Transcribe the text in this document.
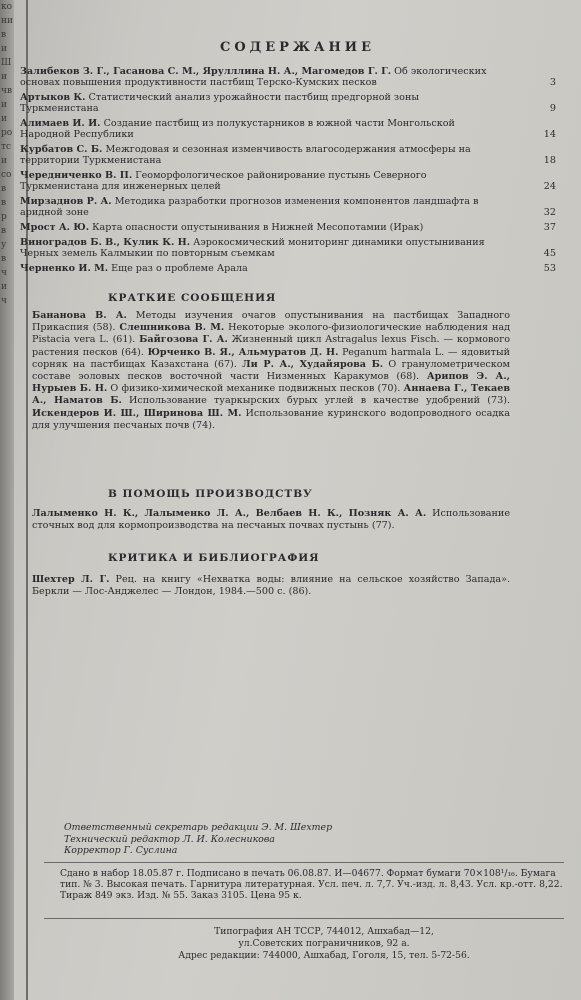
ко
ни
в
и
Ш
и
чв
и
и
ро
тс
и
со
в
в
р
в
у
в
ч
и
ч
СОДЕРЖАНИЕ
Залибеков З. Г., Гасанова С. М., Ярулллина Н. А., Магомедов Г. Г. Об экологических основах повышения продуктивности пастбищ Терско-Кумских песков	3
Артыков К. Статистический анализ урожайности пастбищ предгорной зоны Туркменистана	9
Алимаев И. И. Создание пастбищ из полукустарников в южной части Монгольской Народной Республики	14
Курбатов С. Б. Межгодовая и сезонная изменчивость влагосодержания атмосферы на территории Туркменистана	18
Чередниченко В. П. Геоморфологическое районирование пустынь Северного Туркменистана для инженерных целей	24
Мирзаднов Р. А. Методика разработки прогнозов изменения компонентов ландшафта в аридной зоне	32
Мрост А. Ю. Карта опасности опустынивания в Нижней Месопотамии (Ирак)	37
Виноградов Б. В., Кулик К. Н. Аэрокосмический мониторинг динамики опустынивания Черных земель Калмыкии по повторным съемкам	45
Черненко И. М. Еще раз о проблеме Арала	53
КРАТКИЕ СООБЩЕНИЯ
Бананова В. А. Методы изучения очагов опустынивания на пастбищах Западного Прикаспия (58). Слешникова В. М. Некоторые эколого-физиологические наблюдения над Pistacia vera L. (61). Байгозова Г. А. Жизненный цикл Astragalus lexus Fisch. — кормового растения песков (64). Юрченко В. Я., Альмуратов Д. Н. Peganum harmala L. — ядовитый сорняк на пастбищах Казахстана (67). Ли Р. А., Худайярова Б. О гранулометрическом составе эоловых песков восточной части Низменных Каракумов (68). Арипов Э. А., Нурыев Б. Н. О физико-химической механике подвижных песков (70). Аннаева Г., Текаев А., Наматов Б. Использование туаркырских бурых углей в качестве удобрений (73). Искендеров И. Ш., Ширинова Ш. М. Использование куринского водопроводного осадка для улучшения песчаных почв (74).
В ПОМОЩЬ ПРОИЗВОДСТВУ
Лалыменко Н. К., Лалыменко Л. А., Велбаев Н. К., Позняк А. А. Использование сточных вод для кормопроизводства на песчаных почвах пустынь (77).
КРИТИКА И БИБЛИОГРАФИЯ
Шехтер Л. Г. Рец. на книгу «Нехватка воды: влияние на сельское хозяйство Запада». Беркли — Лос-Анджелес — Лондон, 1984.—500 с. (86).
Ответственный секретарь редакции Э. М. Шехтер
Технический редактор Л. И. Колесникова
Корректор Г. Суслина
Сдано в набор 18.05.87 г. Подписано в печать 06.08.87. И—04677. Формат бумаги 70×108¹/₁₆. Бумага тип. № 3. Высокая печать. Гарнитура литературная. Усл. печ. л. 7,7. Уч.-изд. л. 8,43. Усл. кр.-отт. 8,22. Тираж 849 экз. Изд. № 55. Заказ 3105. Цена 95 к.
Типография АН ТССР, 744012, Ашхабад—12,
ул.Советских пограничников, 92 а.
Адрес редакции: 744000, Ашхабад, Гоголя, 15, тел. 5-72-56.
